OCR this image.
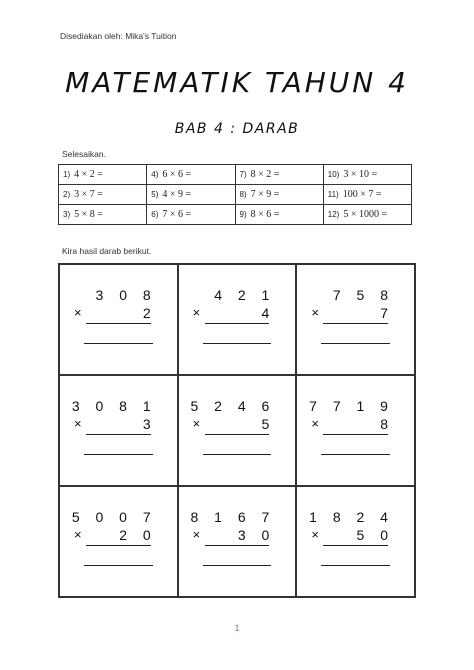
Disediakan oleh: Mika's Tuition
MATEMATIK TAHUN 4
BAB 4 : DARAB
Selesaikan.
1) 4 × 2 =	4) 6 × 6 =	7) 8 × 2 =	10) 3 × 10 =
2) 3 × 7 =	5) 4 × 9 =	8) 7 × 9 =	11) 100 × 7 =
3) 5 × 8 =	6) 7 × 6 =	9) 8 × 6 =	12) 5 × 1000 =
Kira hasil darab berikut.
3 0 8
×	2
4 2 1
×	4
7 5 8
×	7
3 0 8 1
×	3
5 2 4 6
×	5
7 7 1 9
×	8
5 0 0 7
×	2 0
8 1 6 7
×	3 0
1 8 2 4
×	5 0
1
